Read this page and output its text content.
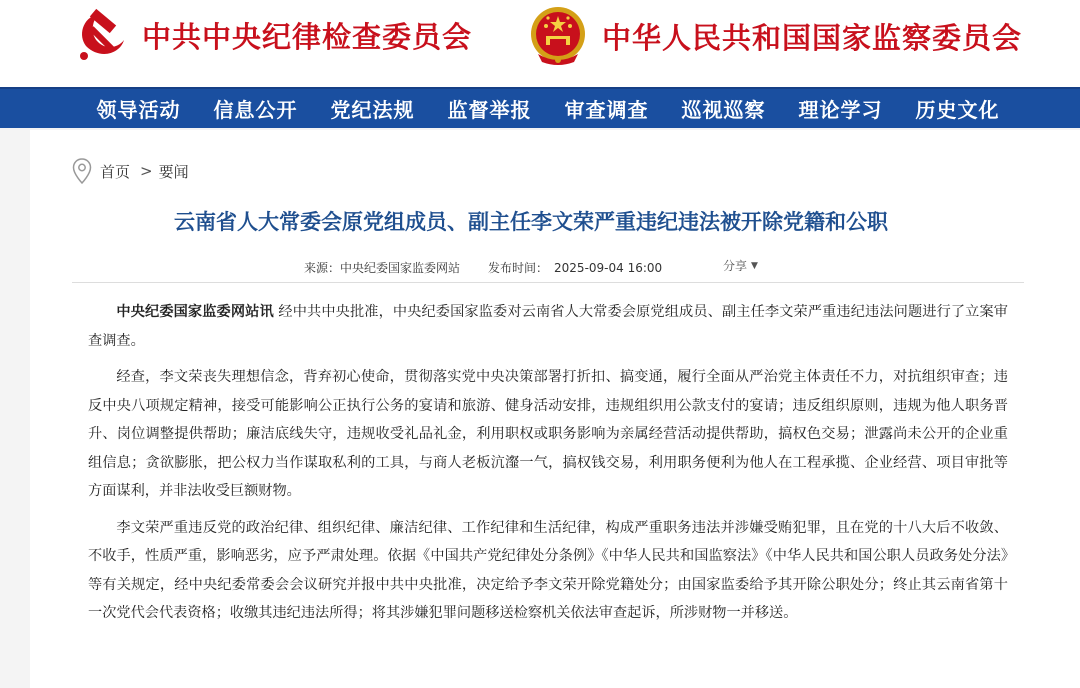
中共中央纪律检查委员会	中华人民共和国国家监察委员会
领导活动	信息公开	党纪法规	监督举报	审查调查	巡视巡察	理论学习	历史文化
首页 > 要闻
云南省人大常委会原党组成员、副主任李文荣严重违纪违法被开除党籍和公职
来源：中央纪委国家监委网站 发布时间： 2025-09-04 16:00	分享 ▼

中央纪委国家监委网站讯 经中共中央批准，中央纪委国家监委对云南省人大常委会原党组成员、副主任李文荣严重违纪违法问题进行了立案审查调查。

经查，李文荣丧失理想信念，背弃初心使命，贯彻落实党中央决策部署打折扣、搞变通，履行全面从严治党主体责任不力，对抗组织审查；违反中央八项规定精神，接受可能影响公正执行公务的宴请和旅游、健身活动安排，违规组织用公款支付的宴请；违反组织原则，违规为他人职务晋升、岗位调整提供帮助；廉洁底线失守，违规收受礼品礼金，利用职权或职务影响为亲属经营活动提供帮助，搞权色交易；泄露尚未公开的企业重组信息；贪欲膨胀，把公权力当作谋取私利的工具，与商人老板沆瀣一气，搞权钱交易，利用职务便利为他人在工程承揽、企业经营、项目审批等方面谋利，并非法收受巨额财物。

李文荣严重违反党的政治纪律、组织纪律、廉洁纪律、工作纪律和生活纪律，构成严重职务违法并涉嫌受贿犯罪，且在党的十八大后不收敛、不收手，性质严重，影响恶劣，应予严肃处理。依据《中国共产党纪律处分条例》《中华人民共和国监察法》《中华人民共和国公职人员政务处分法》等有关规定，经中央纪委常委会会议研究并报中共中央批准，决定给予李文荣开除党籍处分；由国家监委给予其开除公职处分；终止其云南省第十一次党代会代表资格；收缴其违纪违法所得；将其涉嫌犯罪问题移送检察机关依法审查起诉，所涉财物一并移送。
